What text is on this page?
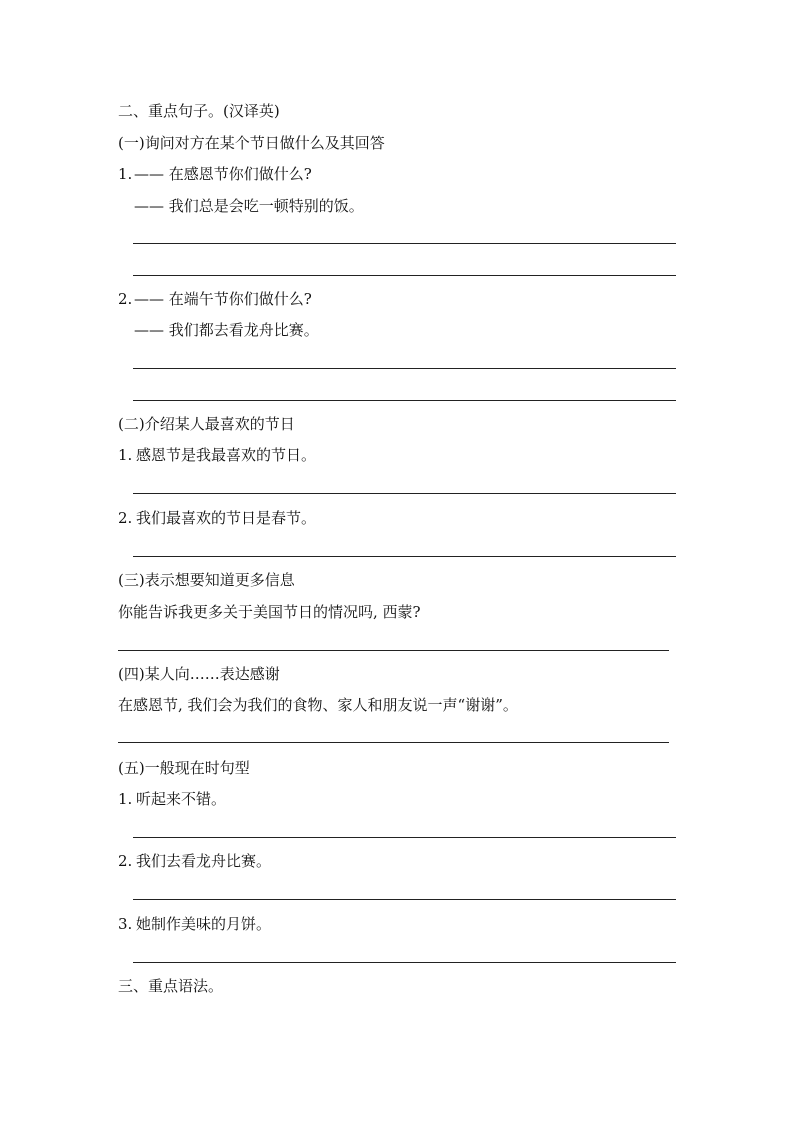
二、重点句子。(汉译英)
(一)询问对方在某个节日做什么及其回答
1. —— 在感恩节你们做什么?
—— 我们总是会吃一顿特别的饭。
2. —— 在端午节你们做什么?
—— 我们都去看龙舟比赛。
(二)介绍某人最喜欢的节日
1. 感恩节是我最喜欢的节日。
2. 我们最喜欢的节日是春节。
(三)表示想要知道更多信息
你能告诉我更多关于美国节日的情况吗, 西蒙?
(四)某人向……表达感谢
在感恩节, 我们会为我们的食物、家人和朋友说一声“谢谢”。
(五)一般现在时句型
1. 听起来不错。
2. 我们去看龙舟比赛。
3. 她制作美味的月饼。
三、重点语法。
